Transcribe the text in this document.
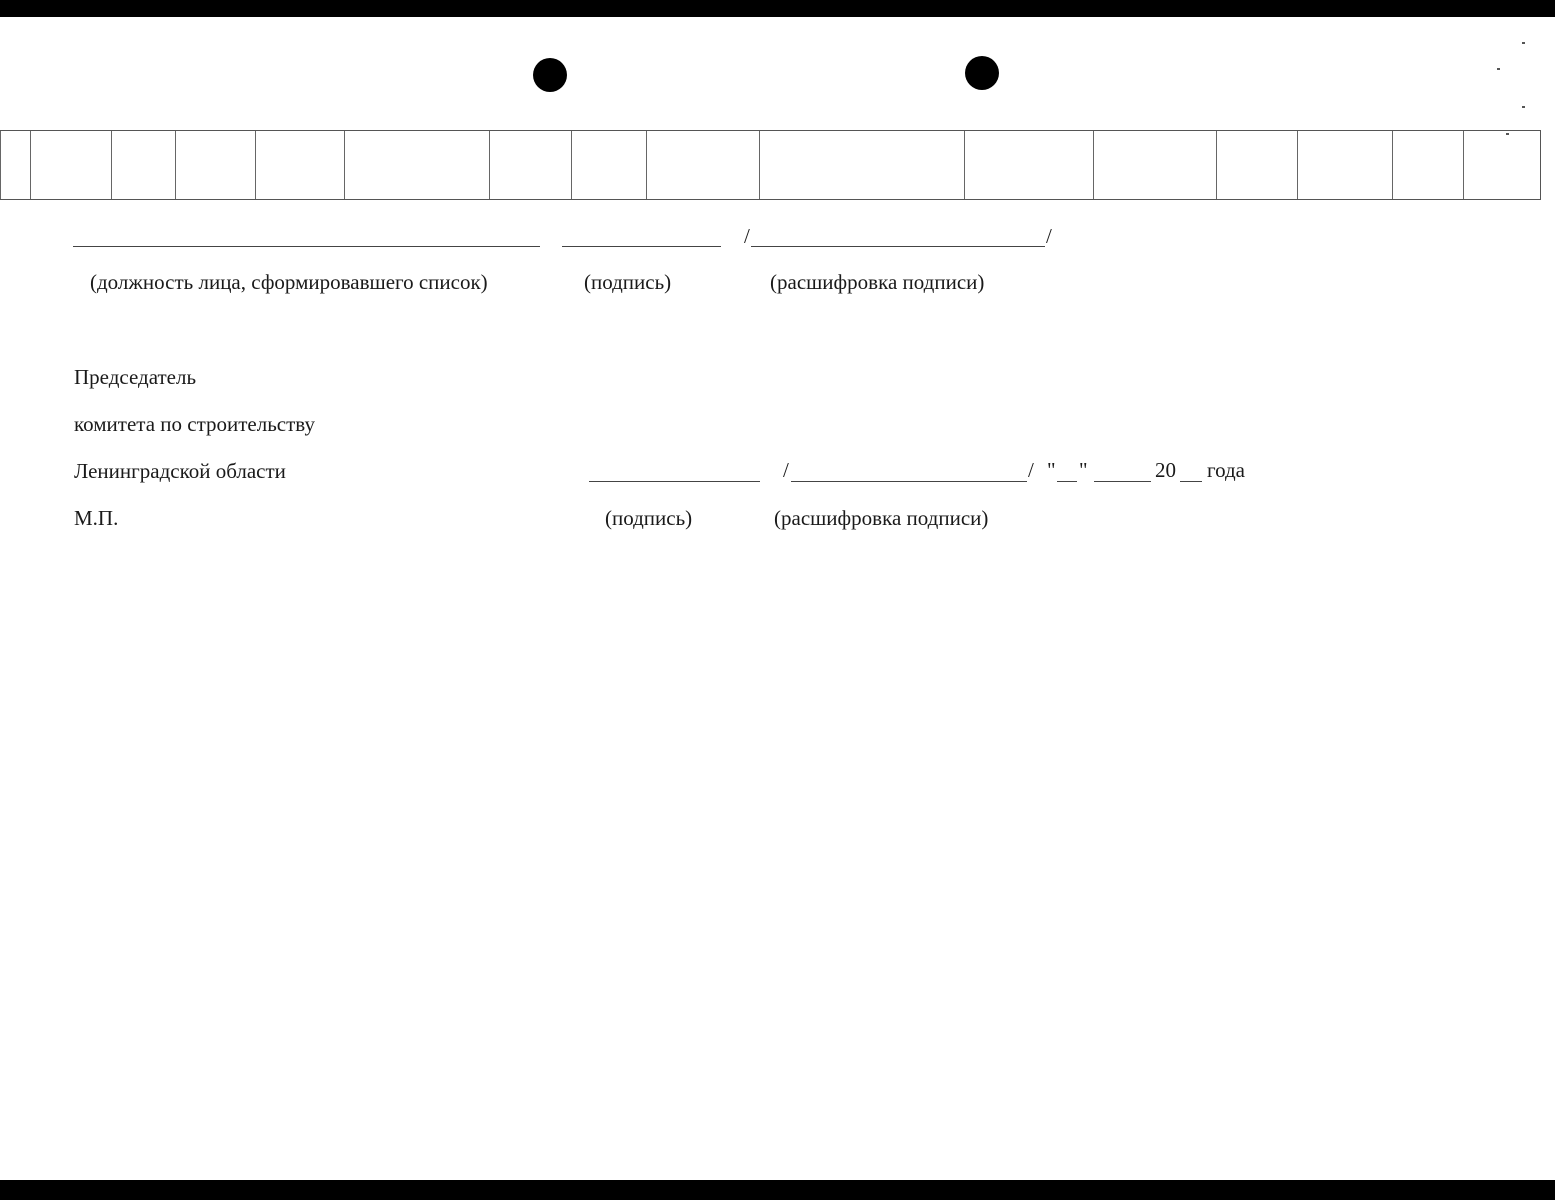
/	/
(должность лица, сформировавшего список)	(подпись)	(расшифровка подписи)
Председатель
комитета по строительству
Ленинградской области
М.П.
/	/ " "	20 года
(подпись)	(расшифровка подписи)
